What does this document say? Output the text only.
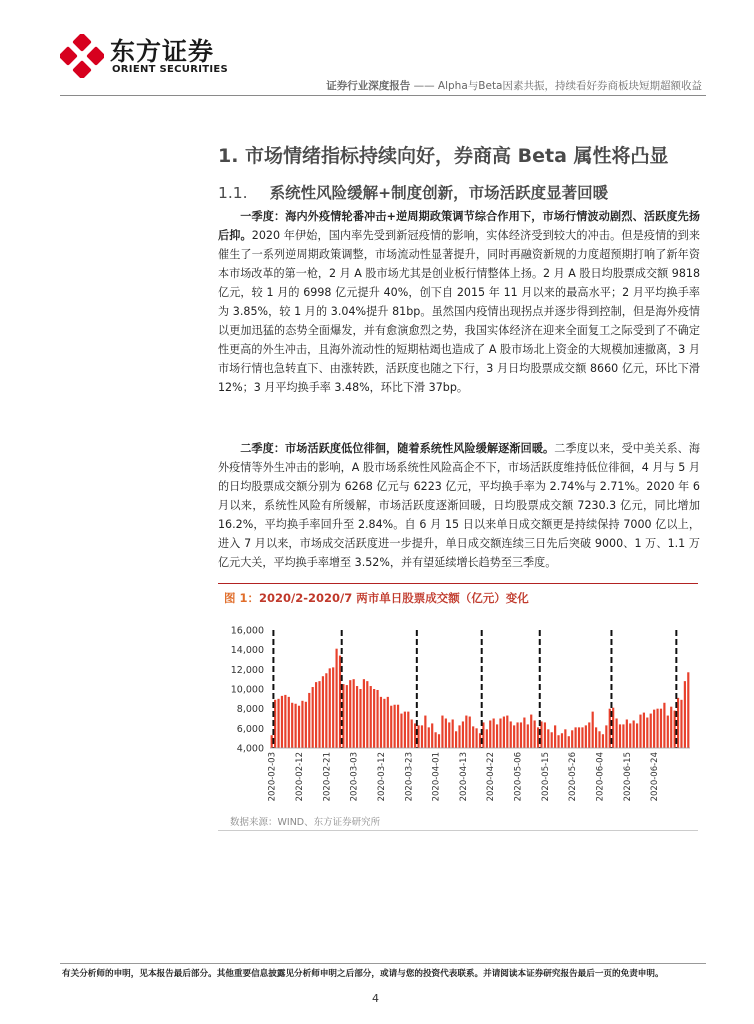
东方证券
ORIENT SECURITIES
证券行业深度报告 —— Alpha与Beta因素共振，持续看好券商板块短期超额收益
1. 市场情绪指标持续向好，券商高 Beta 属性将凸显
1.1. 系统性风险缓解+制度创新，市场活跃度显著回暖
一季度：海内外疫情轮番冲击+逆周期政策调节综合作用下，市场行情波动剧烈、活跃度先扬后抑。2020 年伊始，国内率先受到新冠疫情的影响，实体经济受到较大的冲击。但是疫情的到来催生了一系列逆周期政策调整，市场流动性显著提升，同时再融资新规的力度超预期打响了新年资本市场改革的第一枪，2 月 A 股市场尤其是创业板行情整体上扬。2 月 A 股日均股票成交额 9818 亿元，较 1 月的 6998 亿元提升 40%，创下自 2015 年 11 月以来的最高水平；2 月平均换手率为 3.85%，较 1 月的 3.04%提升 81bp。虽然国内疫情出现拐点并逐步得到控制，但是海外疫情以更加迅猛的态势全面爆发，并有愈演愈烈之势，我国实体经济在迎来全面复工之际受到了不确定性更高的外生冲击，且海外流动性的短期枯竭也造成了 A 股市场北上资金的大规模加速撤离，3 月市场行情也急转直下、由涨转跌，活跃度也随之下行，3 月日均股票成交额 8660 亿元，环比下滑 12%；3 月平均换手率 3.48%，环比下滑 37bp。
二季度：市场活跃度低位徘徊，随着系统性风险缓解逐渐回暖。二季度以来，受中美关系、海外疫情等外生冲击的影响，A 股市场系统性风险高企不下，市场活跃度维持低位徘徊，4 月与 5 月的日均股票成交额分别为 6268 亿元与 6223 亿元，平均换手率为 2.74%与 2.71%。2020 年 6 月以来，系统性风险有所缓解，市场活跃度逐渐回暖，日均股票成交额 7230.3 亿元，同比增加 16.2%，平均换手率回升至 2.84%。自 6 月 15 日以来单日成交额更是持续保持 7000 亿以上，进入 7 月以来，市场成交活跃度进一步提升，单日成交额连续三日先后突破 9000、1 万、1.1 万亿元大关，平均换手率增至 3.52%，并有望延续增长趋势至三季度。
图 1：2020/2-2020/7 两市单日股票成交额（亿元）变化
16,000
14,000
12,000
10,000
8,000
6,000
4,000
2020-02-03 2020-02-12 2020-02-21 2020-03-03 2020-03-12 2020-03-23 2020-04-01 2020-04-13 2020-04-22 2020-05-06 2020-05-15 2020-05-26 2020-06-04 2020-06-15 2020-06-24
数据来源：WIND、东方证券研究所
有关分析师的申明，见本报告最后部分。其他重要信息披露见分析师申明之后部分，或请与您的投资代表联系。并请阅读本证券研究报告最后一页的免责申明。
4
